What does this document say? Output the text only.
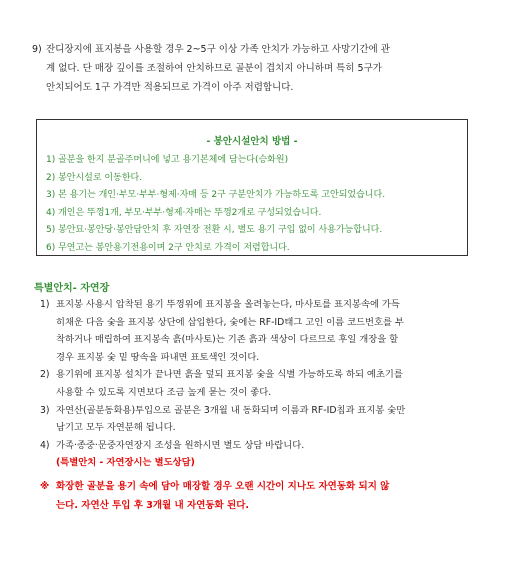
9) 잔디장지에 표지봉을 사용할 경우 2~5구 이상 가족 안치가 가능하고 사망기간에 관
계 없다. 단 매장 깊이를 조절하여 안치하므로 골분이 겹치지 아니하며 특히 5구가
안치되어도 1구 가격만 적용되므로 가격이 아주 저렴합니다.
- 봉안시설안치 방법 -
1) 골분을 한지 분골주머니에 넣고 용기본체에 담는다(승화원)
2) 봉안시설로 이동한다.
3) 본 용기는 개인·부모·부부·형제·자매 등 2구 구분안치가 가능하도록 고안되었습니다.
4) 개인은 뚜껑1개, 부모·부부·형제·자매는 뚜껑2개로 구성되었습니다.
5) 봉안묘·봉안당·봉안담안치 후 자연장 전환 시, 별도 용기 구입 없이 사용가능합니다.
6) 무연고는 봉안용기전용이며 2구 안치로 가격이 저렴합니다.
특별안치- 자연장
1) 표지봉 사용시 압착된 용기 뚜껑위에 표지봉을 올려놓는다, 마사토를 표지봉속에 가득
히채운 다음 숯을 표지봉 상단에 삽입한다, 숯에는 RF-ID태그 고인 이름 코드번호를 부
착하거나 매립하여 표지봉속 흙(마사토)는 기존 흙과 색상이 다르므로 후일 개장을 할
경우 표지봉 숯 밑 땅속을 파내면 표토색인 것이다.
2) 용기위에 표지봉 설치가 끝나면 흙을 덮되 표지봉 숯을 식별 가능하도록 하되 예초기를
사용할 수 있도록 지면보다 조금 높게 묻는 것이 좋다.
3) 자연산(골분동화용)투입으로 골분은 3개월 내 동화되며 이름과 RF-ID칩과 표지봉 숯만
남기고 모두 자연분해 됩니다.
4) 가족·종중·문중자연장지 조성을 원하시면 별도 상담 바랍니다.
(특별안치 - 자연장시는 별도상담)
※ 화장한 골분을 용기 속에 담아 매장할 경우 오랜 시간이 지나도 자연동화 되지 않
는다. 자연산 투입 후 3개월 내 자연동화 된다.
